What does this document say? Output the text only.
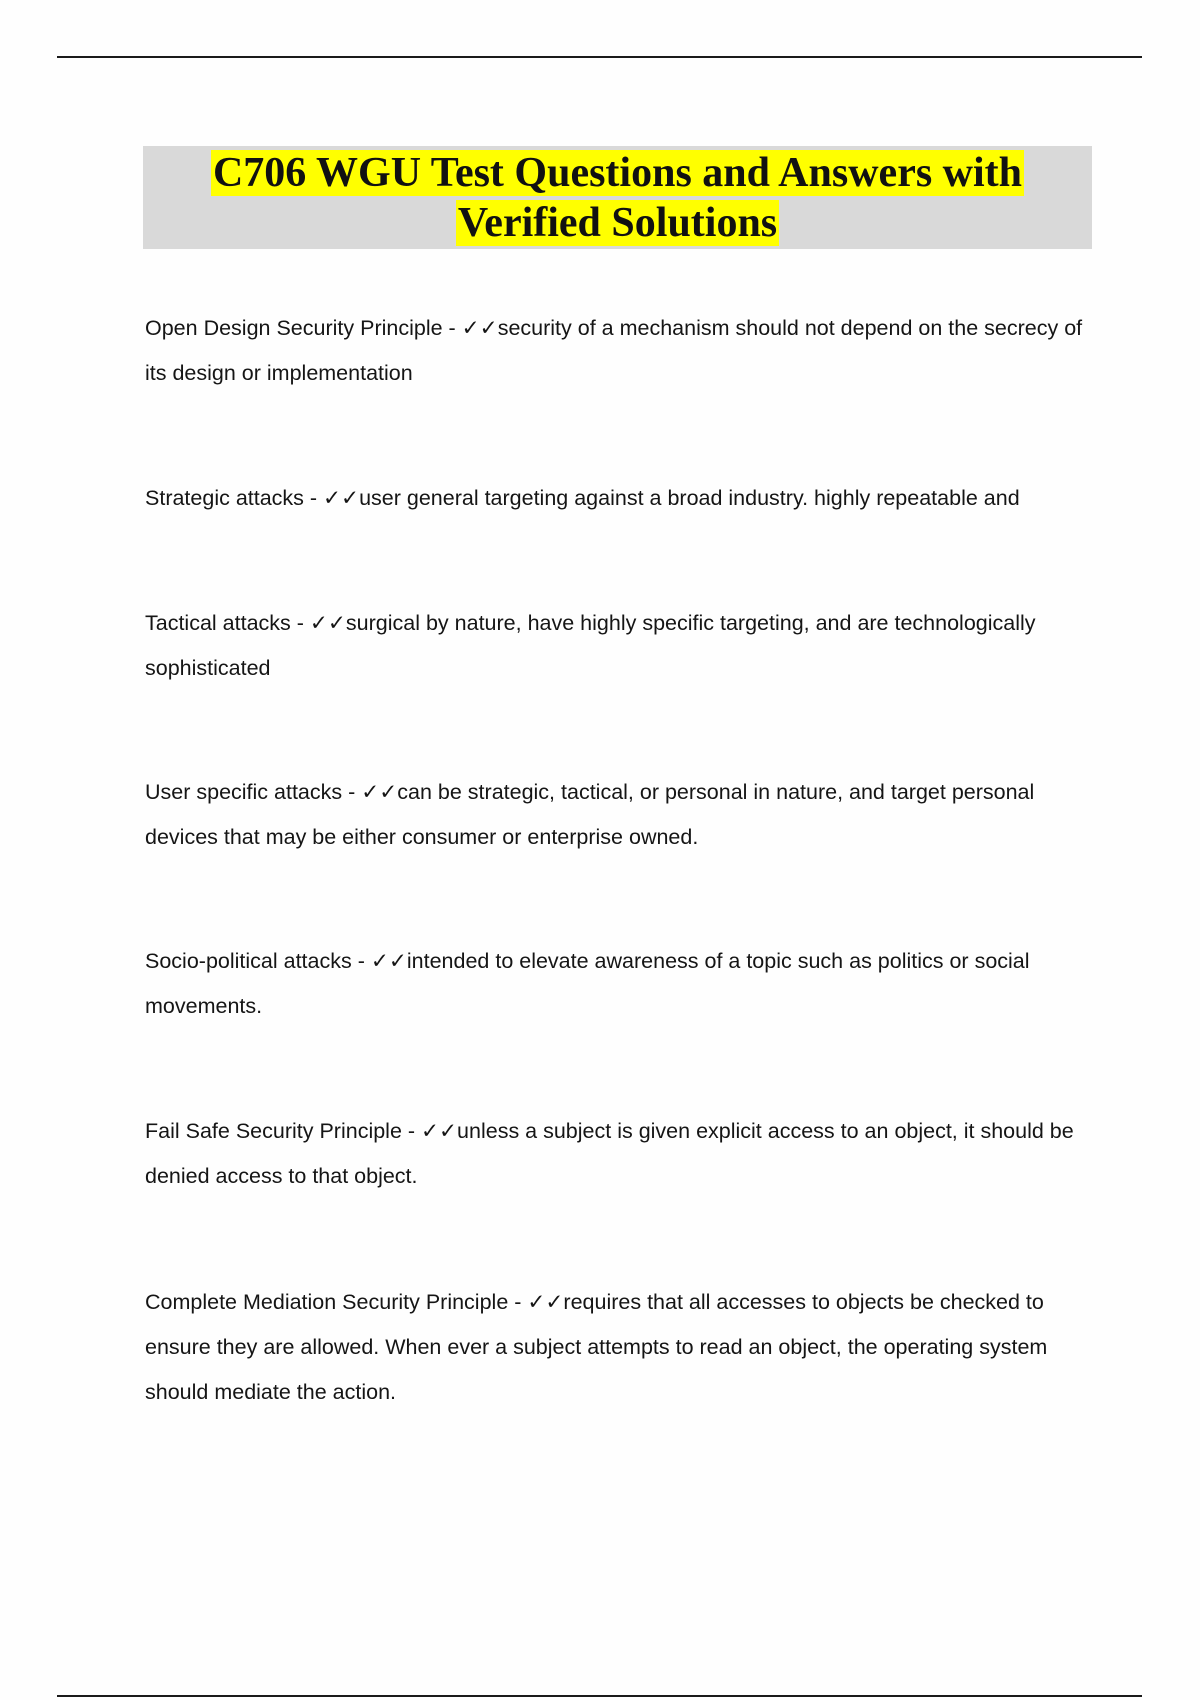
C706 WGU Test Questions and Answers with
Verified Solutions
Open Design Security Principle - ✓✓security of a mechanism should not depend on the secrecy of its design or implementation
Strategic attacks - ✓✓user general targeting against a broad industry. highly repeatable and
Tactical attacks - ✓✓surgical by nature, have highly specific targeting, and are technologically sophisticated
User specific attacks - ✓✓can be strategic, tactical, or personal in nature, and target personal devices that may be either consumer or enterprise owned.
Socio-political attacks - ✓✓intended to elevate awareness of a topic such as politics or social movements.
Fail Safe Security Principle - ✓✓unless a subject is given explicit access to an object, it should be denied access to that object.
Complete Mediation Security Principle - ✓✓requires that all accesses to objects be checked to ensure they are allowed. When ever a subject attempts to read an object, the operating system should mediate the action.
